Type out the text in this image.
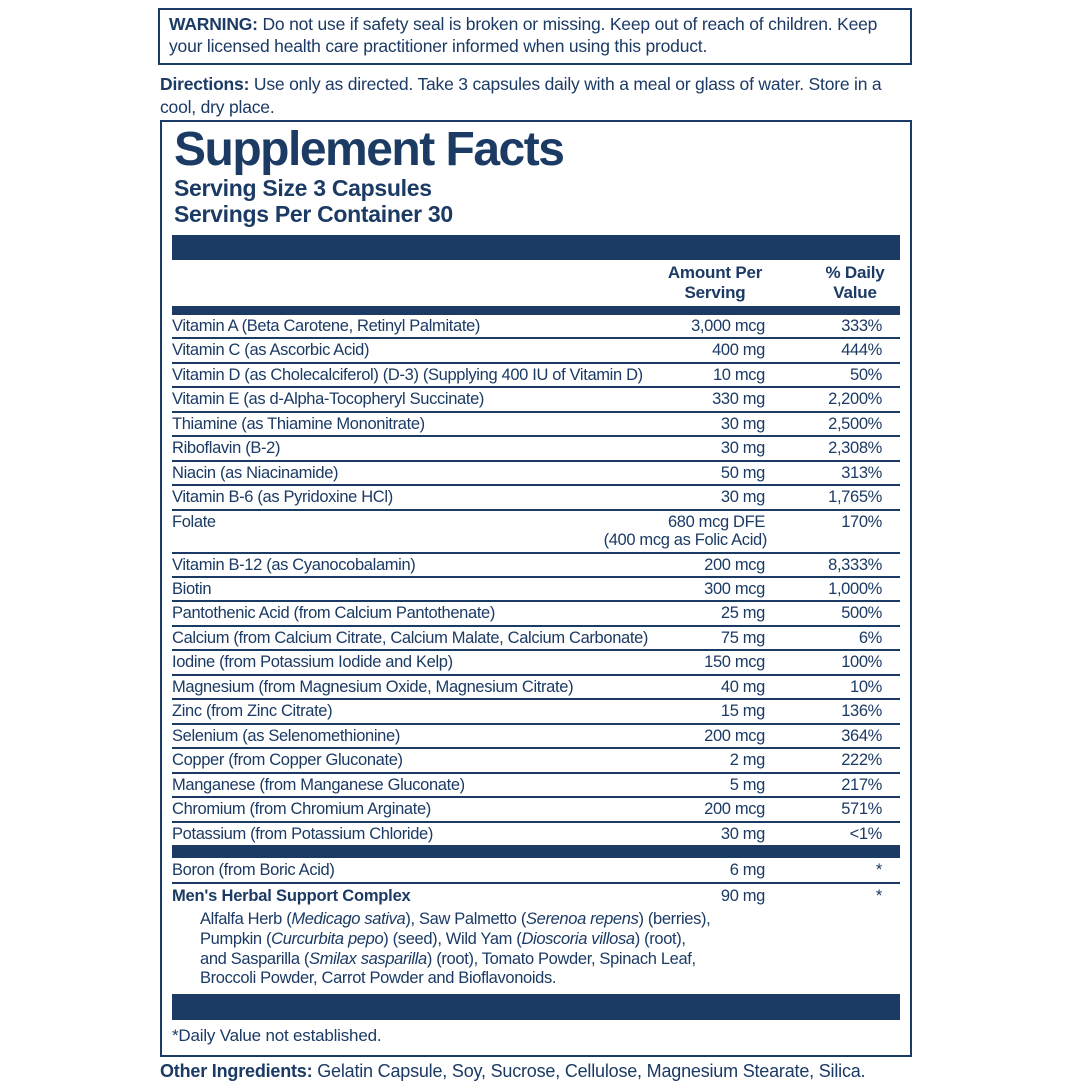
WARNING: Do not use if safety seal is broken or missing. Keep out of reach of children. Keep your licensed health care practitioner informed when using this product.
Directions: Use only as directed. Take 3 capsules daily with a meal or glass of water. Store in a cool, dry place.
Supplement Facts
Serving Size 3 Capsules
Servings Per Container 30
Amount Per
Serving
% Daily
Value
Vitamin A (Beta Carotene, Retinyl Palmitate)	3,000 mcg	333%
Vitamin C (as Ascorbic Acid)	400 mg	444%
Vitamin D (as Cholecalciferol) (D-3) (Supplying 400 IU of Vitamin D)	10 mcg	50%
Vitamin E (as d-Alpha-Tocopheryl Succinate)	330 mg	2,200%
Thiamine (as Thiamine Mononitrate)	30 mg	2,500%
Riboflavin (B-2)	30 mg	2,308%
Niacin (as Niacinamide)	50 mg	313%
Vitamin B-6 (as Pyridoxine HCl)	30 mg	1,765%
Folate	680 mcg DFE	170%
(400 mcg as Folic Acid)
Vitamin B-12 (as Cyanocobalamin)	200 mcg	8,333%
Biotin	300 mcg	1,000%
Pantothenic Acid (from Calcium Pantothenate)	25 mg	500%
Calcium (from Calcium Citrate, Calcium Malate, Calcium Carbonate)	75 mg	6%
Iodine (from Potassium Iodide and Kelp)	150 mcg	100%
Magnesium (from Magnesium Oxide, Magnesium Citrate)	40 mg	10%
Zinc (from Zinc Citrate)	15 mg	136%
Selenium (as Selenomethionine)	200 mcg	364%
Copper (from Copper Gluconate)	2 mg	222%
Manganese (from Manganese Gluconate)	5 mg	217%
Chromium (from Chromium Arginate)	200 mcg	571%
Potassium (from Potassium Chloride)	30 mg	<1%
Boron (from Boric Acid)	6 mg	*
Men's Herbal Support Complex	90 mg	*
Alfalfa Herb (Medicago sativa), Saw Palmetto (Serenoa repens) (berries),
Pumpkin (Curcurbita pepo) (seed), Wild Yam (Dioscoria villosa) (root),
and Sasparilla (Smilax sasparilla) (root), Tomato Powder, Spinach Leaf,
Broccoli Powder, Carrot Powder and Bioflavonoids.
*Daily Value not established.
Other Ingredients: Gelatin Capsule, Soy, Sucrose, Cellulose, Magnesium Stearate, Silica.
